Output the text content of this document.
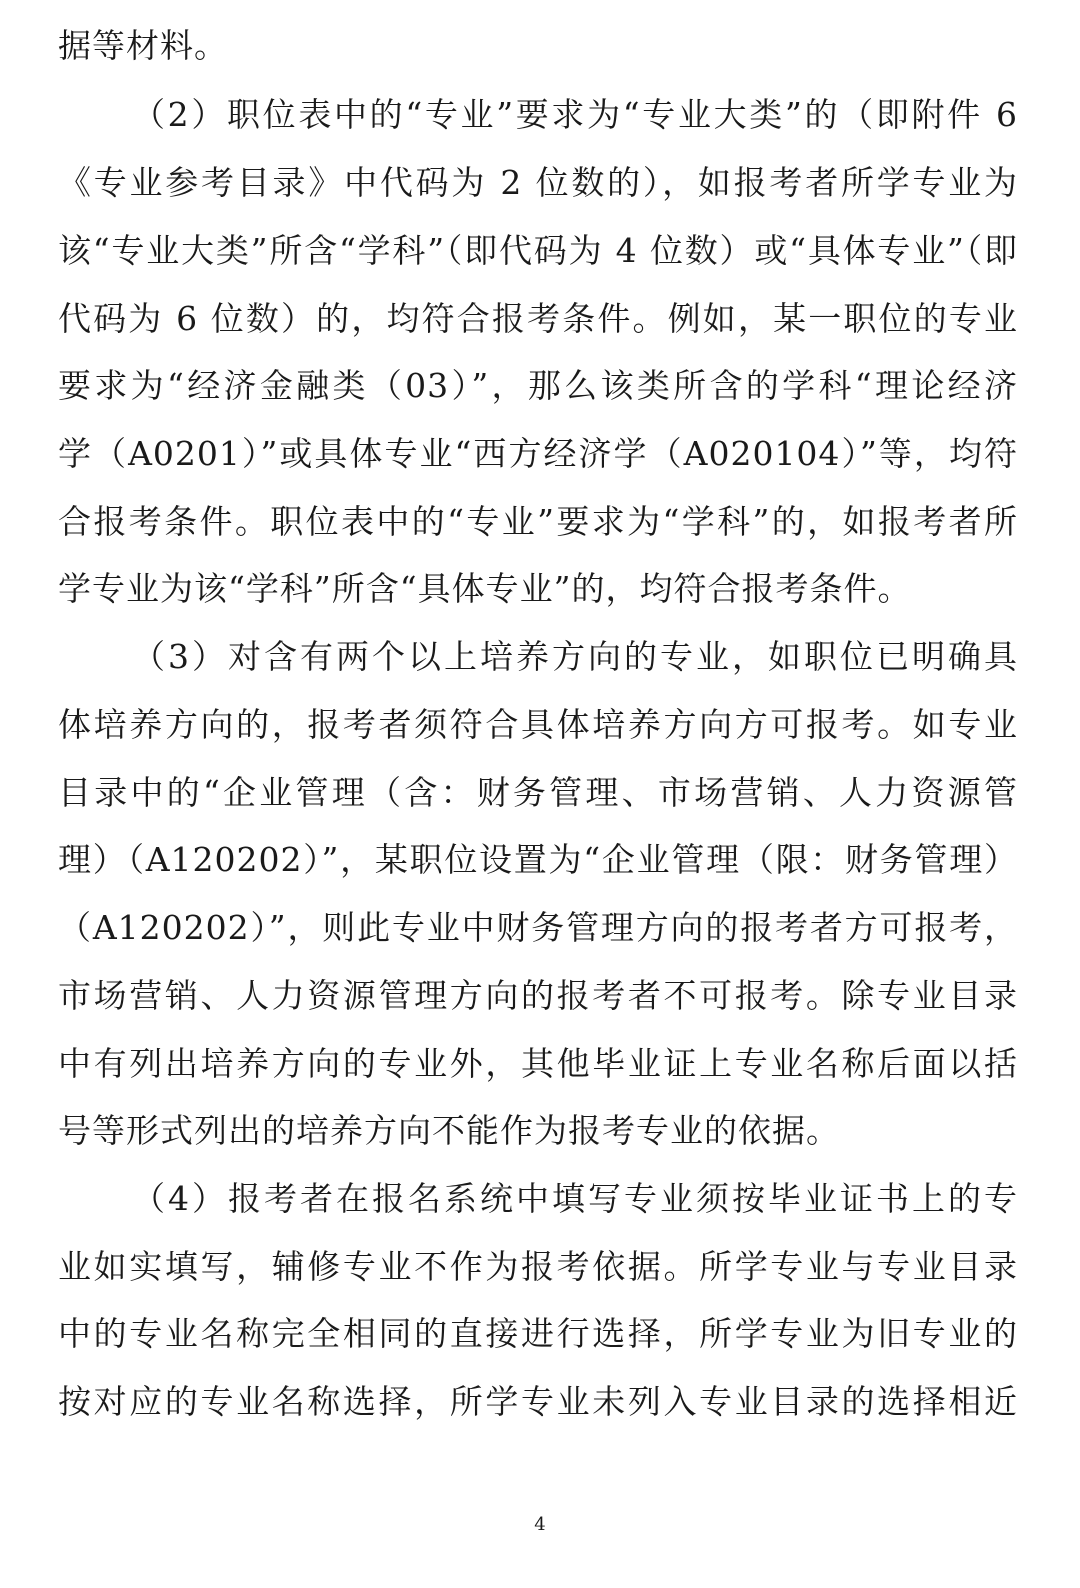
据等材料。
（2）职位表中的“专业”要求为“专业大类”的（即附件 6
《专业参考目录》中代码为 2 位数的），如报考者所学专业为
该“专业大类”所含“学科”（即代码为 4 位数）或“具体专业”（即
代码为 6 位数）的，均符合报考条件。例如，某一职位的专业
要求为“经济金融类（03）”，那么该类所含的学科“理论经济
学（A0201）”或具体专业“西方经济学（A020104）”等，均符
合报考条件。职位表中的“专业”要求为“学科”的，如报考者所
学专业为该“学科”所含“具体专业”的，均符合报考条件。
（3）对含有两个以上培养方向的专业，如职位已明确具
体培养方向的，报考者须符合具体培养方向方可报考。如专业
目录中的“企业管理（含：财务管理、市场营销、人力资源管
理）（A120202）”，某职位设置为“企业管理（限：财务管理）
（A120202）”，则此专业中财务管理方向的报考者方可报考，
市场营销、人力资源管理方向的报考者不可报考。除专业目录
中有列出培养方向的专业外，其他毕业证上专业名称后面以括
号等形式列出的培养方向不能作为报考专业的依据。
（4）报考者在报名系统中填写专业须按毕业证书上的专
业如实填写，辅修专业不作为报考依据。所学专业与专业目录
中的专业名称完全相同的直接进行选择，所学专业为旧专业的
按对应的专业名称选择，所学专业未列入专业目录的选择相近
4
